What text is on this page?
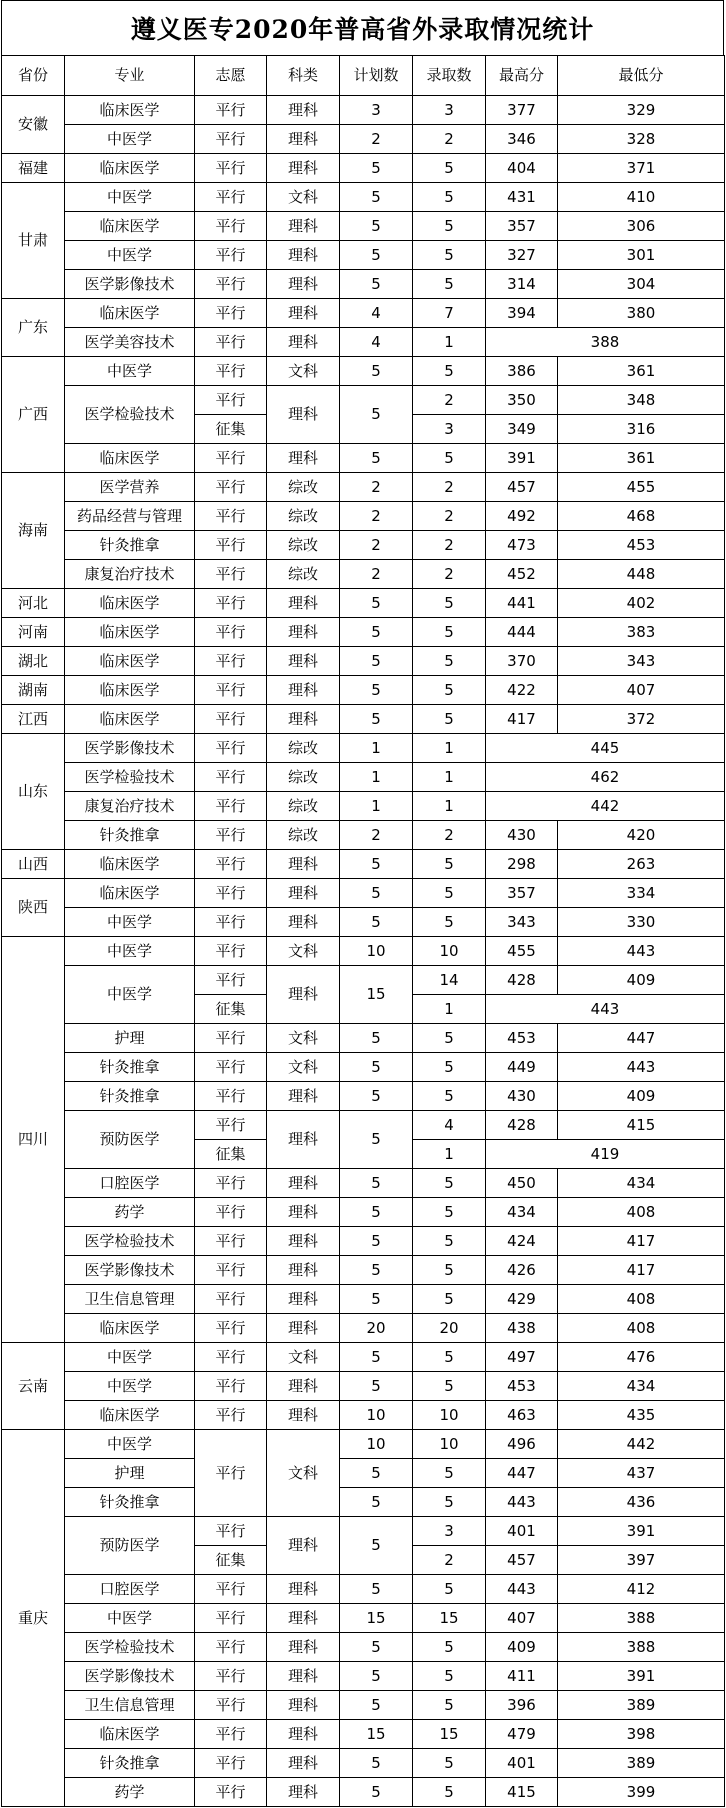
遵义医专2020年普高省外录取情况统计
省份	专业	志愿	科类	计划数	录取数	最高分	最低分
安徽	临床医学	平行	理科	3	3	377	329
	中医学	平行	理科	2	2	346	328
福建	临床医学	平行	理科	5	5	404	371
甘肃	中医学	平行	文科	5	5	431	410
	临床医学	平行	理科	5	5	357	306
	中医学	平行	理科	5	5	327	301
	医学影像技术	平行	理科	5	5	314	304
广东	临床医学	平行	理科	4	7	394	380
	医学美容技术	平行	理科	4	1	388	
广西	中医学	平行	文科	5	5	386	361
	医学检验技术	平行	理科	5	2	350	348
		征集			3	349	316
	临床医学	平行	理科	5	5	391	361
海南	医学营养	平行	综改	2	2	457	455
	药品经营与管理	平行	综改	2	2	492	468
	针灸推拿	平行	综改	2	2	473	453
	康复治疗技术	平行	综改	2	2	452	448
河北	临床医学	平行	理科	5	5	441	402
河南	临床医学	平行	理科	5	5	444	383
湖北	临床医学	平行	理科	5	5	370	343
湖南	临床医学	平行	理科	5	5	422	407
江西	临床医学	平行	理科	5	5	417	372
山东	医学影像技术	平行	综改	1	1	445	
	医学检验技术	平行	综改	1	1	462	
	康复治疗技术	平行	综改	1	1	442	
	针灸推拿	平行	综改	2	2	430	420
山西	临床医学	平行	理科	5	5	298	263
陕西	临床医学	平行	理科	5	5	357	334
	中医学	平行	理科	5	5	343	330
四川	中医学	平行	文科	10	10	455	443
	中医学	平行	理科	15	14	428	409
		征集			1	443	
	护理	平行	文科	5	5	453	447
	针灸推拿	平行	文科	5	5	449	443
	针灸推拿	平行	理科	5	5	430	409
	预防医学	平行	理科	5	4	428	415
		征集			1	419	
	口腔医学	平行	理科	5	5	450	434
	药学	平行	理科	5	5	434	408
	医学检验技术	平行	理科	5	5	424	417
	医学影像技术	平行	理科	5	5	426	417
	卫生信息管理	平行	理科	5	5	429	408
	临床医学	平行	理科	20	20	438	408
云南	中医学	平行	文科	5	5	497	476
	中医学	平行	理科	5	5	453	434
	临床医学	平行	理科	10	10	463	435
重庆	中医学	平行	文科	10	10	496	442
	护理			5	5	447	437
	针灸推拿			5	5	443	436
	预防医学	平行	理科	5	3	401	391
		征集			2	457	397
	口腔医学	平行	理科	5	5	443	412
	中医学	平行	理科	15	15	407	388
	医学检验技术	平行	理科	5	5	409	388
	医学影像技术	平行	理科	5	5	411	391
	卫生信息管理	平行	理科	5	5	396	389
	临床医学	平行	理科	15	15	479	398
	针灸推拿	平行	理科	5	5	401	389
	药学	平行	理科	5	5	415	399
